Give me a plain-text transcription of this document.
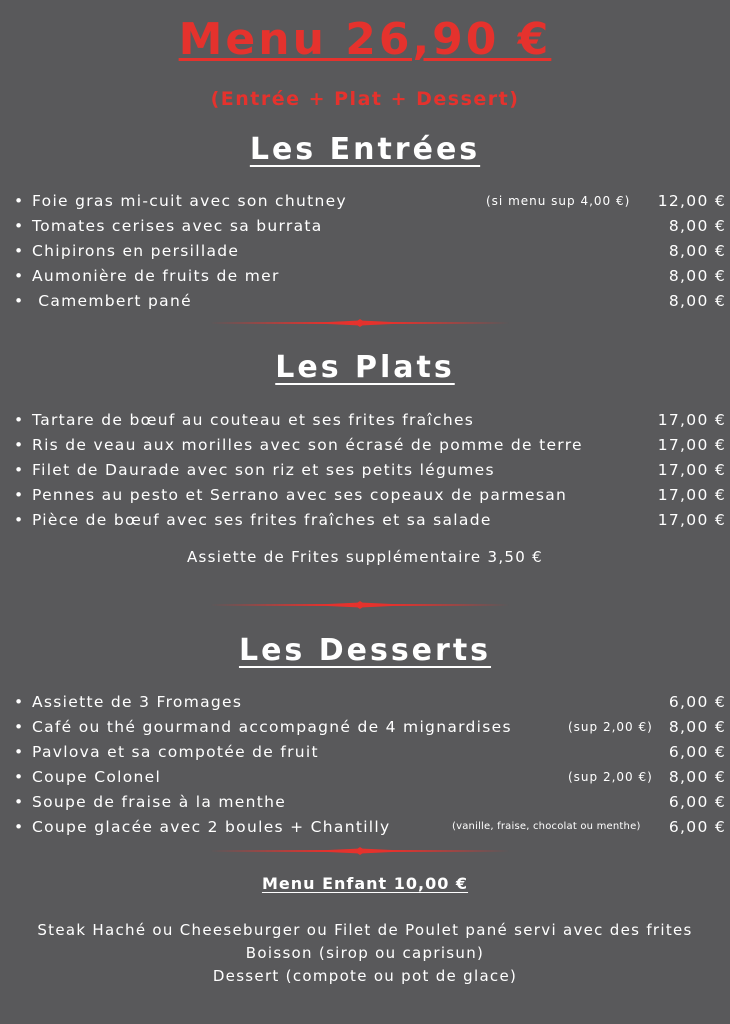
Menu 26,90 €
(Entrée + Plat + Dessert)
Les Entrées
• Foie gras mi-cuit avec son chutney	(si menu sup 4,00 €) 12,00 €
• Tomates cerises avec sa burrata	8,00 €
• Chipirons en persillade	8,00 €
• Aumonière de fruits de mer	8,00 €
• Camembert pané	8,00 €
Les Plats
• Tartare de bœuf au couteau et ses frites fraîches	17,00 €
• Ris de veau aux morilles avec son écrasé de pomme de terre	17,00 €
• Filet de Daurade avec son riz et ses petits légumes	17,00 €
• Pennes au pesto et Serrano avec ses copeaux de parmesan	17,00 €
• Pièce de bœuf avec ses frites fraîches et sa salade	17,00 €
Assiette de Frites supplémentaire 3,50 €
Les Desserts
• Assiette de 3 Fromages	6,00 €
• Café ou thé gourmand accompagné de 4 mignardises	(sup 2,00 €) 8,00 €
• Pavlova et sa compotée de fruit	6,00 €
• Coupe Colonel	(sup 2,00 €) 8,00 €
• Soupe de fraise à la menthe	6,00 €
• Coupe glacée avec 2 boules + Chantilly	(vanille, fraise, chocolat ou menthe) 6,00 €
Menu Enfant 10,00 €
Steak Haché ou Cheeseburger ou Filet de Poulet pané servi avec des frites
Boisson (sirop ou caprisun)
Dessert (compote ou pot de glace)
